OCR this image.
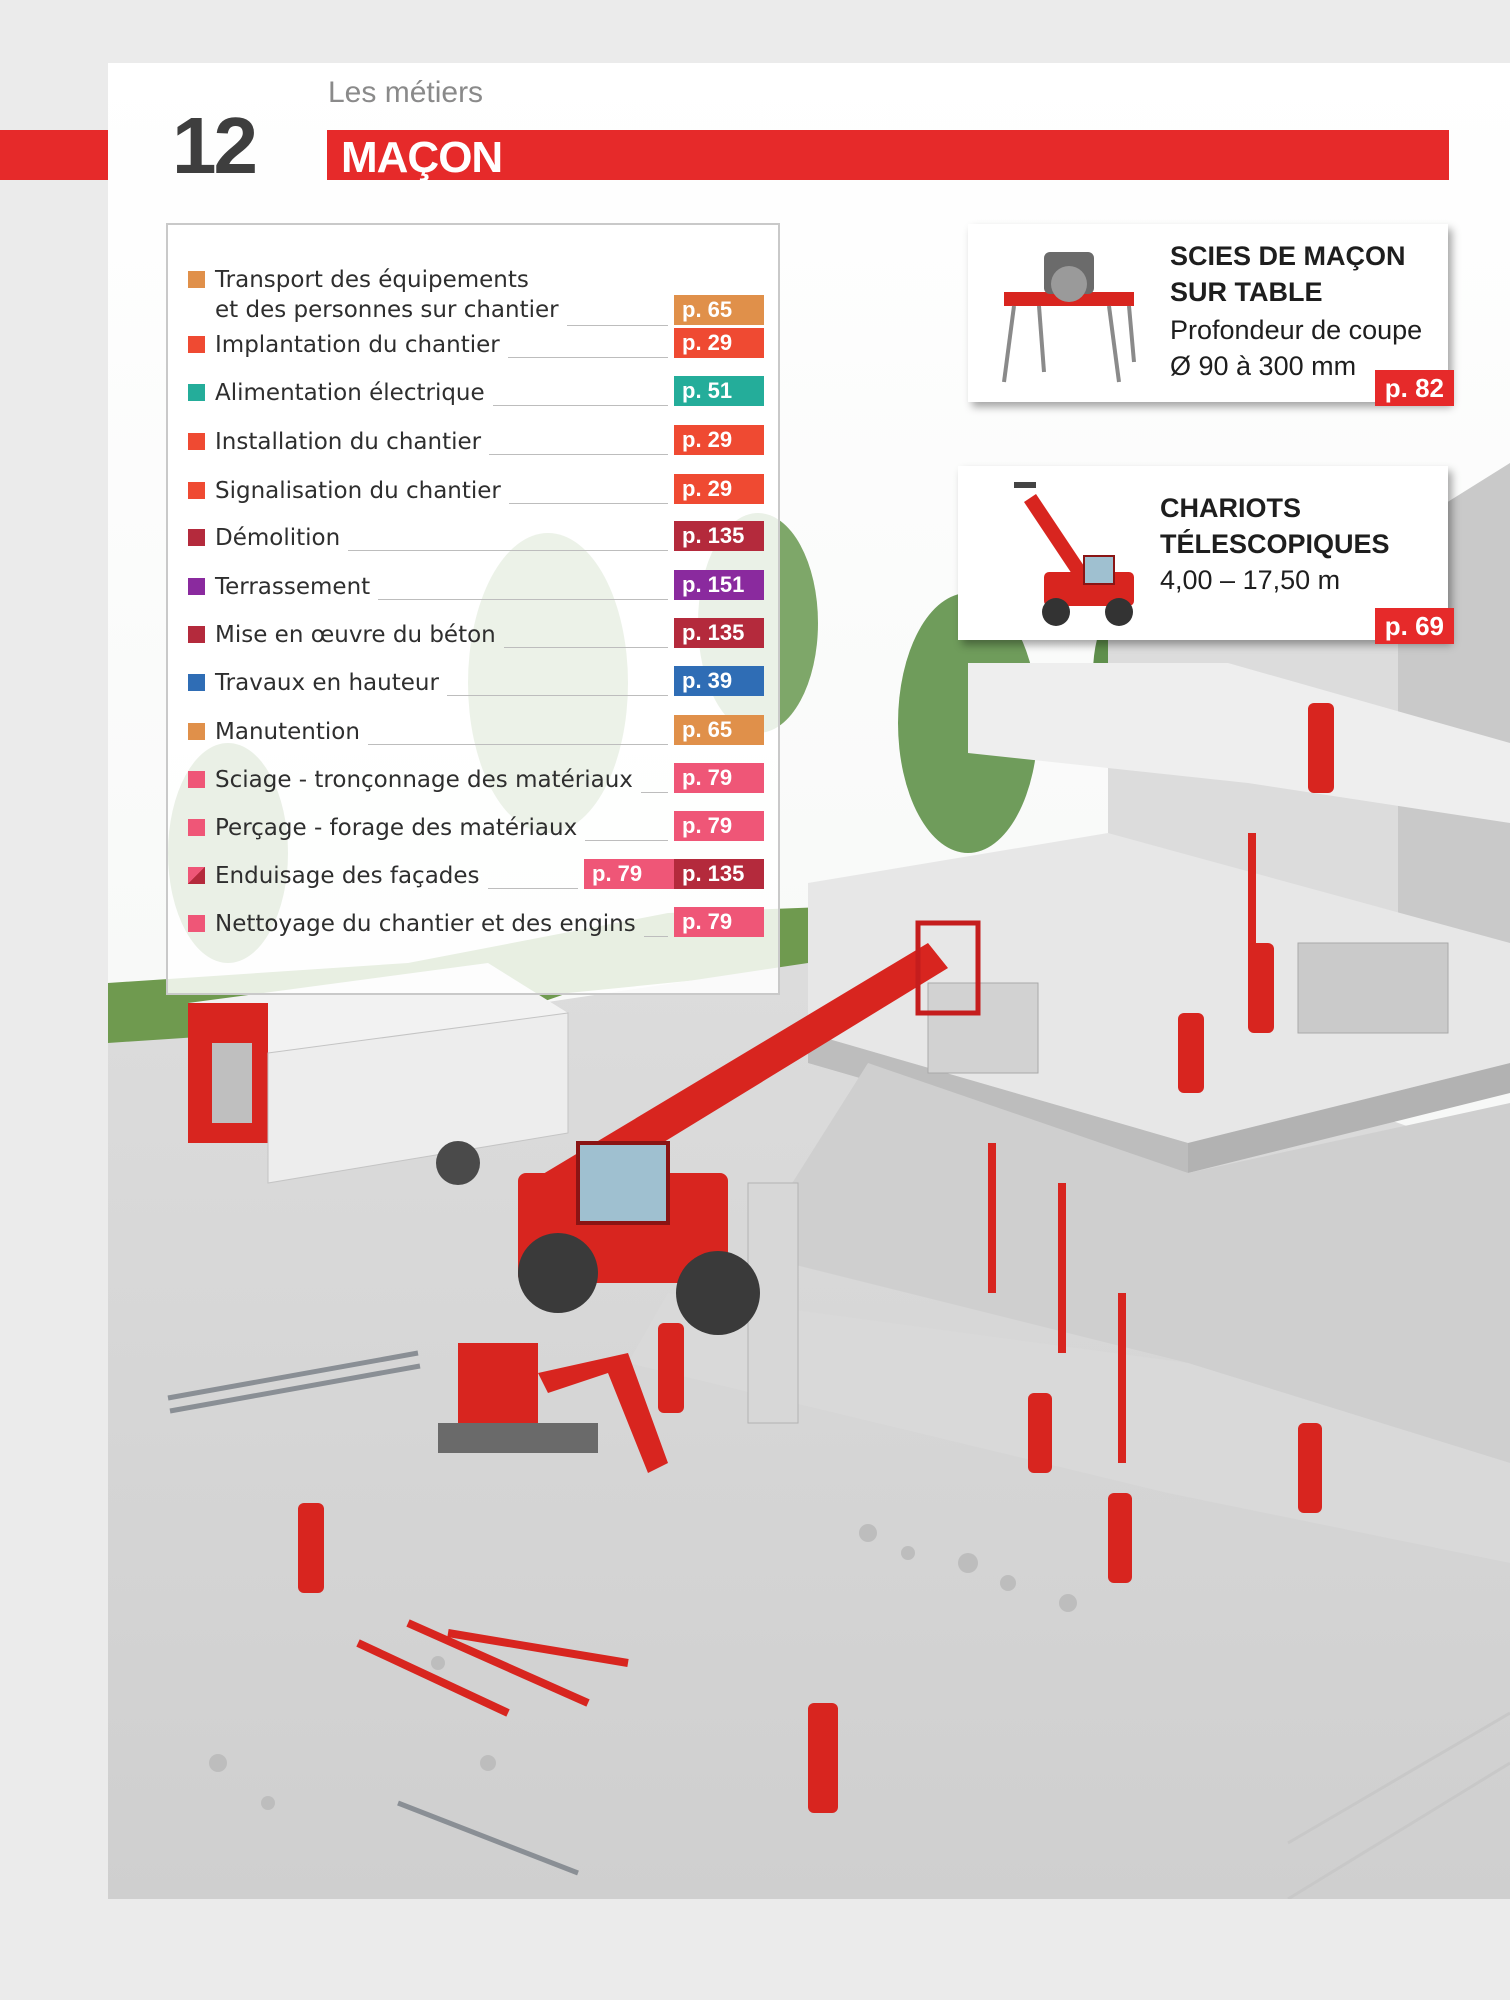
12
Les métiers
MAÇON
Transport des équipements
et des personnes sur chantier	p. 65
Implantation du chantier	p. 29
Alimentation électrique	p. 51
Installation du chantier	p. 29
Signalisation du chantier	p. 29
Démolition	p. 135
Terrassement	p. 151
Mise en œuvre du béton	p. 135
Travaux en hauteur	p. 39
Manutention	p. 65
Sciage - tronçonnage des matériaux	p. 79
Perçage - forage des matériaux	p. 79
Enduisage des façades	p. 79	p. 135
Nettoyage du chantier et des engins	p. 79
SCIES DE MAÇON
SUR TABLE
Profondeur de coupe
Ø 90 à 300 mm
p. 82
CHARIOTS
TÉLESCOPIQUES
4,00 – 17,50 m
p. 69
